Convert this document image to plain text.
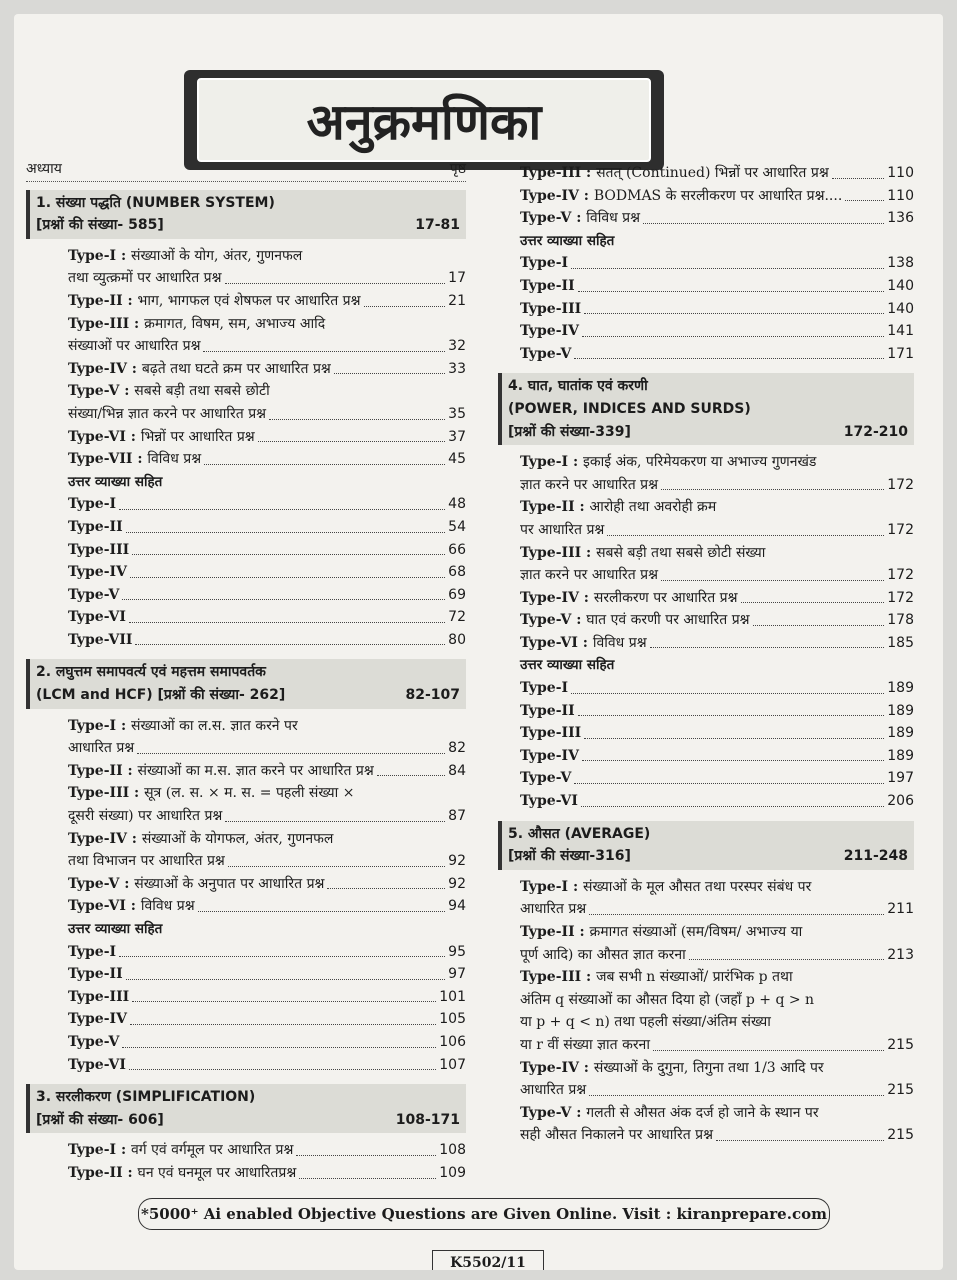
अनुक्रमणिका
अध्याय	पृष्ठ
1. संख्या पद्धति (NUMBER SYSTEM)
[प्रश्नों की संख्या- 585]	17-81
Type-I : संख्याओं के योग, अंतर, गुणनफल
तथा व्युत्क्रमों पर आधारित प्रश्न	17
Type-II : भाग, भागफल एवं शेषफल पर आधारित प्रश्न	21
Type-III : क्रमागत, विषम, सम, अभाज्य आदि
संख्याओं पर आधारित प्रश्न	32
Type-IV : बढ़ते तथा घटते क्रम पर आधारित प्रश्न	33
Type-V : सबसे बड़ी तथा सबसे छोटी
संख्या/भिन्न ज्ञात करने पर आधारित प्रश्न	35
Type-VI : भिन्नों पर आधारित प्रश्न	37
Type-VII : विविध प्रश्न	45
उत्तर व्याख्या सहित
Type-I	48
Type-II	54
Type-III	66
Type-IV	68
Type-V	69
Type-VI	72
Type-VII	80
2. लघुत्तम समापवर्त्य एवं महत्तम समापवर्तक
(LCM and HCF) [प्रश्नों की संख्या- 262]	82-107
Type-I : संख्याओं का ल.स. ज्ञात करने पर
आधारित प्रश्न	82
Type-II : संख्याओं का म.स. ज्ञात करने पर आधारित प्रश्न	84
Type-III : सूत्र (ल. स. × म. स. = पहली संख्या ×
दूसरी संख्या) पर आधारित प्रश्न	87
Type-IV : संख्याओं के योगफल, अंतर, गुणनफल
तथा विभाजन पर आधारित प्रश्न	92
Type-V : संख्याओं के अनुपात पर आधारित प्रश्न	92
Type-VI : विविध प्रश्न	94
उत्तर व्याख्या सहित
Type-I	95
Type-II	97
Type-III	101
Type-IV	105
Type-V	106
Type-VI	107
3. सरलीकरण (SIMPLIFICATION)
[प्रश्नों की संख्या- 606]	108-171
Type-I : वर्ग एवं वर्गमूल पर आधारित प्रश्न	108
Type-II : घन एवं घनमूल पर आधारितप्रश्न	109
Type-III : सतत् (Continued) भिन्नों पर आधारित प्रश्न	110
Type-IV : BODMAS के सरलीकरण पर आधारित प्रश्न....	110
Type-V : विविध प्रश्न	136
उत्तर व्याख्या सहित
Type-I	138
Type-II	140
Type-III	140
Type-IV	141
Type-V	171
4. घात, घातांक एवं करणी
(POWER, INDICES AND SURDS)
[प्रश्नों की संख्या-339]	172-210
Type-I : इकाई अंक, परिमेयकरण या अभाज्य गुणनखंड
ज्ञात करने पर आधारित प्रश्न	172
Type-II : आरोही तथा अवरोही क्रम
पर आधारित प्रश्न	172
Type-III : सबसे बड़ी तथा सबसे छोटी संख्या
ज्ञात करने पर आधारित प्रश्न	172
Type-IV : सरलीकरण पर आधारित प्रश्न	172
Type-V : घात एवं करणी पर आधारित प्रश्न	178
Type-VI : विविध प्रश्न	185
उत्तर व्याख्या सहित
Type-I	189
Type-II	189
Type-III	189
Type-IV	189
Type-V	197
Type-VI	206
5. औसत (AVERAGE)
[प्रश्नों की संख्या-316]	211-248
Type-I : संख्याओं के मूल औसत तथा परस्पर संबंध पर
आधारित प्रश्न	211
Type-II : क्रमागत संख्याओं (सम/विषम/ अभाज्य या
पूर्ण आदि) का औसत ज्ञात करना	213
Type-III : जब सभी n संख्याओं/ प्रारंभिक p तथा
अंतिम q संख्याओं का औसत दिया हो (जहाँ p + q > n
या p + q < n) तथा पहली संख्या/अंतिम संख्या
या r वीं संख्या ज्ञात करना	215
Type-IV : संख्याओं के दुगुना, तिगुना तथा 1/3 आदि पर
आधारित प्रश्न	215
Type-V : गलती से औसत अंक दर्ज हो जाने के स्थान पर
सही औसत निकालने पर आधारित प्रश्न	215
*5000⁺ Ai enabled Objective Questions are Given Online. Visit : kiranprepare.com
K5502/11
